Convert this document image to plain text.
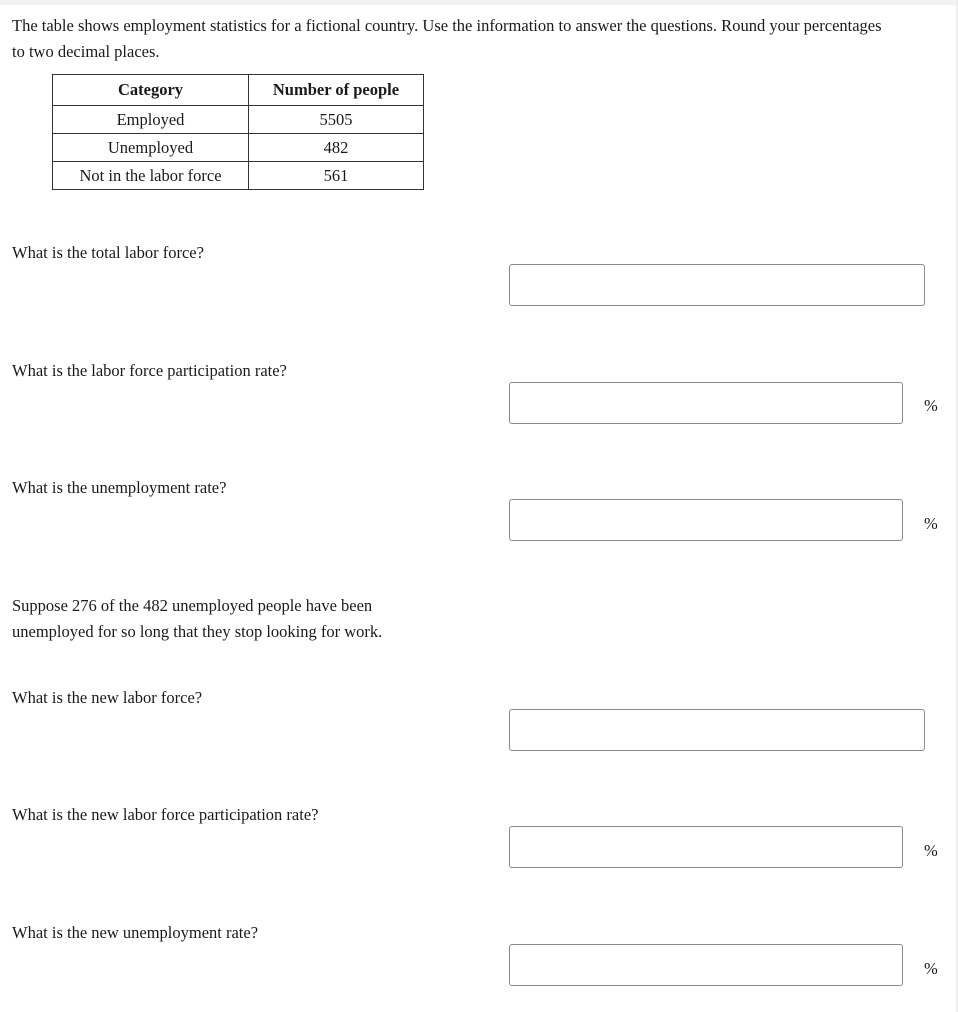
The table shows employment statistics for a fictional country. Use the information to answer the questions. Round your percentages to two decimal places.
Category	Number of people
Employed	5505
Unemployed	482
Not in the labor force	561
What is the total labor force?
What is the labor force participation rate?
%
What is the unemployment rate?
%
Suppose 276 of the 482 unemployed people have been unemployed for so long that they stop looking for work.
What is the new labor force?
What is the new labor force participation rate?
%
What is the new unemployment rate?
%
